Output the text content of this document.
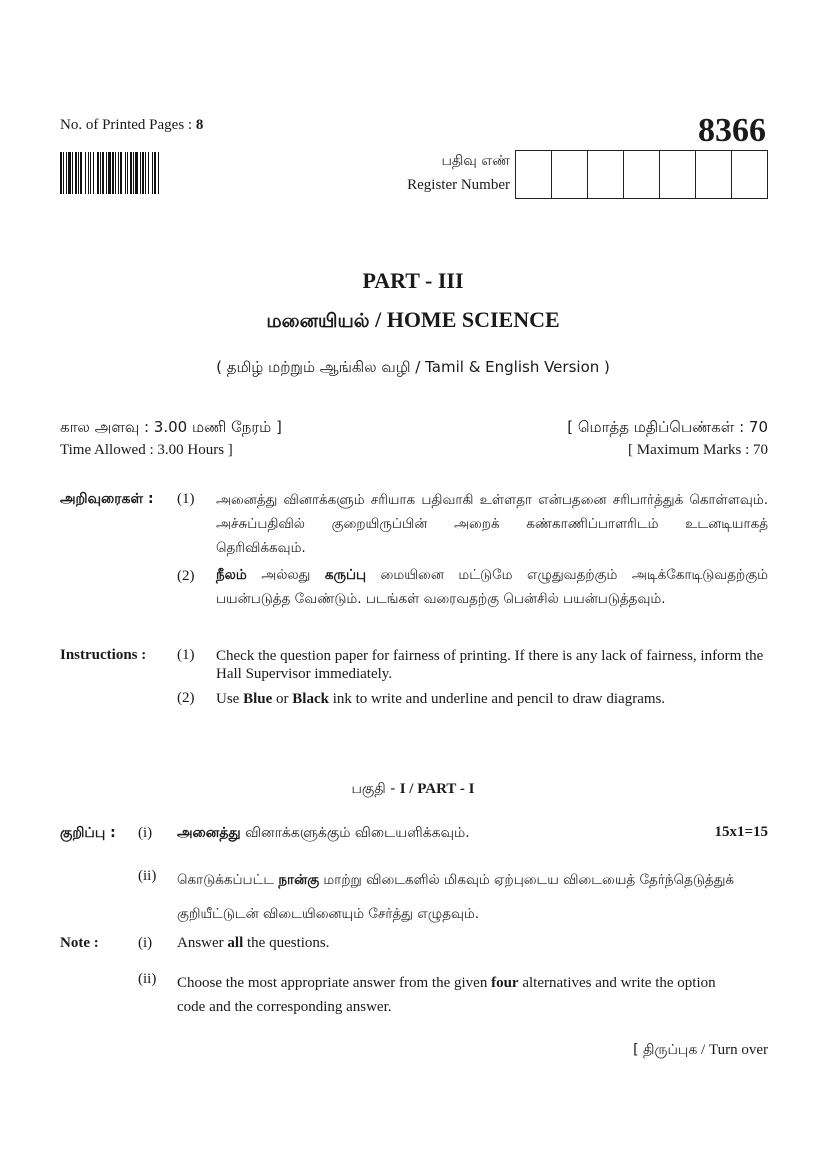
No. of Printed Pages : 8	8366
பதிவு எண்
Register Number
PART - III
மனையியல் / HOME SCIENCE
( தமிழ் மற்றும் ஆங்கில வழி / Tamil & English Version )
கால அளவு : 3.00 மணி நேரம் ]
Time Allowed : 3.00 Hours ]
[ மொத்த மதிப்பெண்கள் : 70
[ Maximum Marks : 70
அறிவுரைகள் : (1) அனைத்து வினாக்களும் சரியாக பதிவாகி உள்ளதா என்பதனை சரிபார்த்துக் கொள்ளவும். அச்சுப்பதிவில் குறையிருப்பின் அறைக் கண்காணிப்பாளரிடம் உடனடியாகத் தெரிவிக்கவும்.
(2) நீலம் அல்லது கருப்பு மையினை மட்டுமே எழுதுவதற்கும் அடிக்கோடிடுவதற்கும் பயன்படுத்த வேண்டும். படங்கள் வரைவதற்கு பென்சில் பயன்படுத்தவும்.
Instructions : (1) Check the question paper for fairness of printing. If there is any lack of fairness, inform the Hall Supervisor immediately.
(2) Use Blue or Black ink to write and underline and pencil to draw diagrams.
பகுதி - I / PART - I
குறிப்பு : (i) அனைத்து வினாக்களுக்கும் விடையளிக்கவும்.	15x1=15
(ii) கொடுக்கப்பட்ட நான்கு மாற்று விடைகளில் மிகவும் ஏற்புடைய விடையைத் தேர்ந்தெடுத்துக் குறியீட்டுடன் விடையினையும் சேர்த்து எழுதவும்.
Note :	(i) Answer all the questions.
(ii) Choose the most appropriate answer from the given four alternatives and write the option code and the corresponding answer.
[ திருப்புக / Turn over
